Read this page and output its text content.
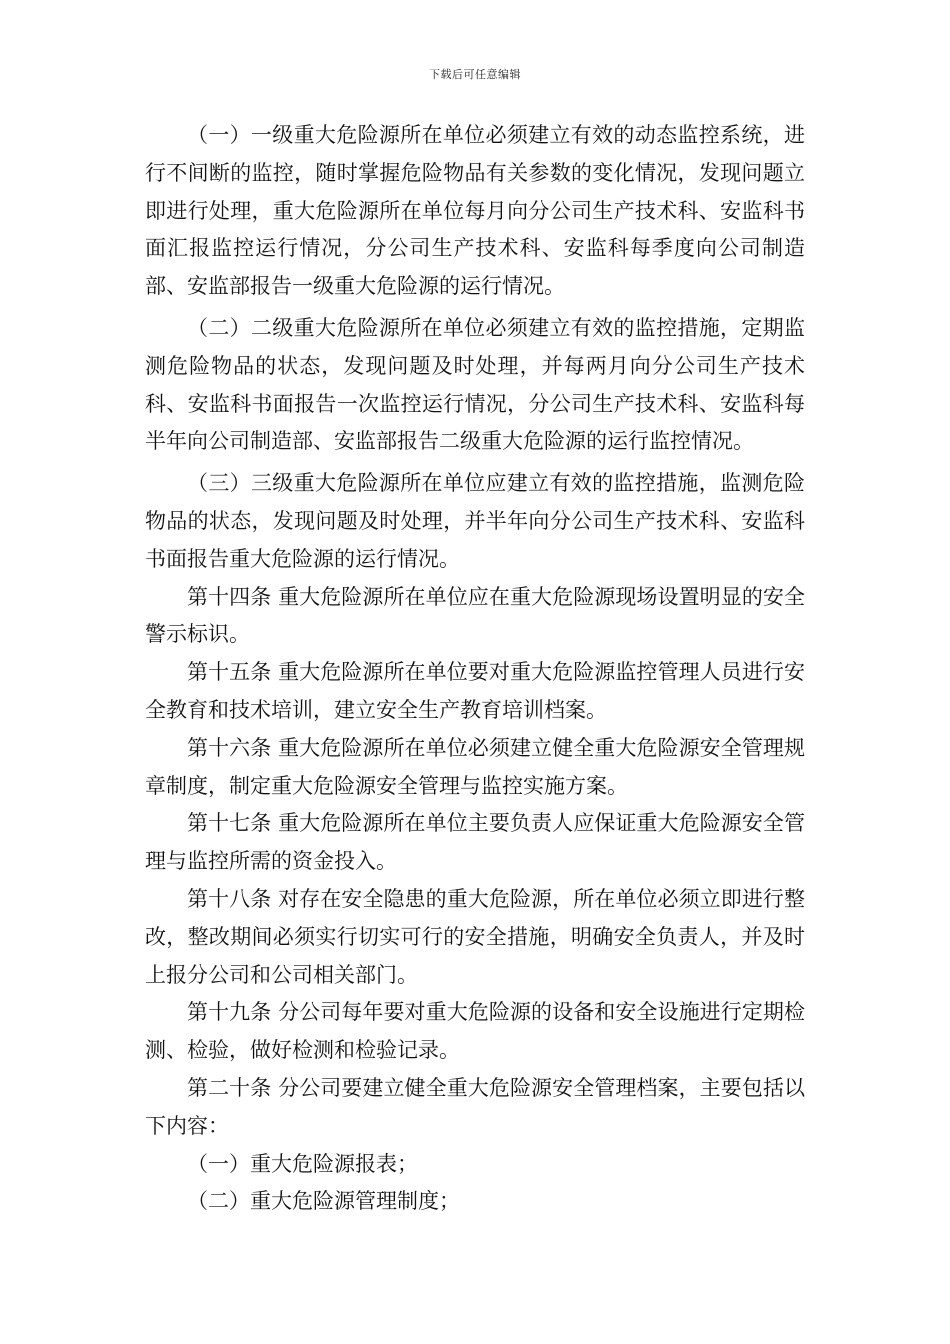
下载后可任意编辑

（一）一级重大危险源所在单位必须建立有效的动态监控系统，进行不间断的监控，随时掌握危险物品有关参数的变化情况，发现问题立即进行处理，重大危险源所在单位每月向分公司生产技术科、安监科书面汇报监控运行情况，分公司生产技术科、安监科每季度向公司制造部、安监部报告一级重大危险源的运行情况。

（二）二级重大危险源所在单位必须建立有效的监控措施，定期监测危险物品的状态，发现问题及时处理，并每两月向分公司生产技术科、安监科书面报告一次监控运行情况，分公司生产技术科、安监科每半年向公司制造部、安监部报告二级重大危险源的运行监控情况。

（三）三级重大危险源所在单位应建立有效的监控措施，监测危险物品的状态，发现问题及时处理，并半年向分公司生产技术科、安监科书面报告重大危险源的运行情况。

第十四条 重大危险源所在单位应在重大危险源现场设置明显的安全警示标识。

第十五条 重大危险源所在单位要对重大危险源监控管理人员进行安全教育和技术培训，建立安全生产教育培训档案。

第十六条 重大危险源所在单位必须建立健全重大危险源安全管理规章制度，制定重大危险源安全管理与监控实施方案。

第十七条 重大危险源所在单位主要负责人应保证重大危险源安全管理与监控所需的资金投入。

第十八条 对存在安全隐患的重大危险源，所在单位必须立即进行整改，整改期间必须实行切实可行的安全措施，明确安全负责人，并及时上报分公司和公司相关部门。

第十九条 分公司每年要对重大危险源的设备和安全设施进行定期检测、检验，做好检测和检验记录。

第二十条 分公司要建立健全重大危险源安全管理档案，主要包括以下内容：

（一）重大危险源报表；

（二）重大危险源管理制度；
